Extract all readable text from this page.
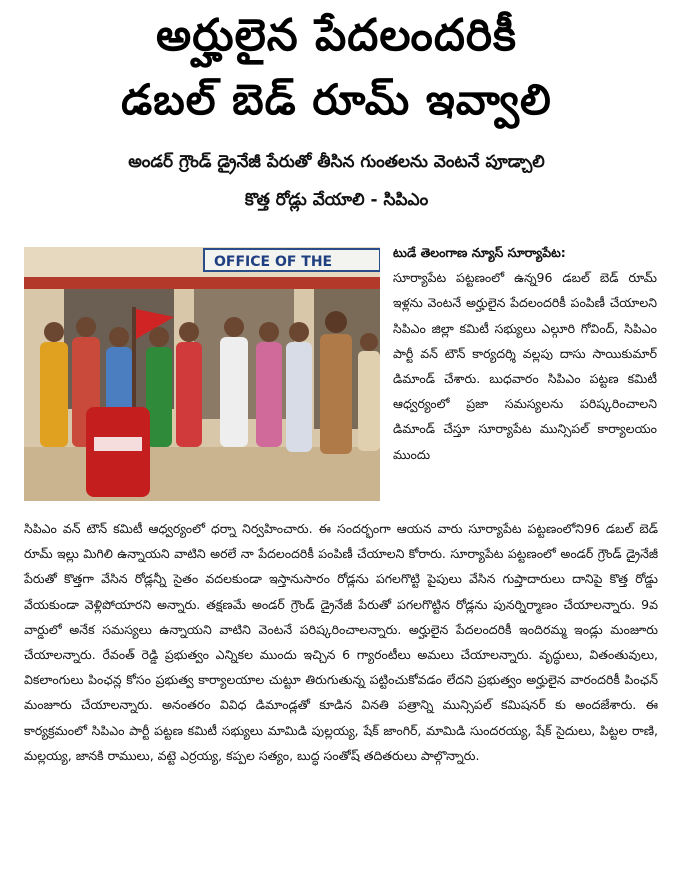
అర్హులైన పేదలందరికీ
డబల్ బెడ్ రూమ్ ఇవ్వాలి
అండర్ గ్రౌండ్ డ్రైనేజీ పేరుతో తీసిన గుంతలను వెంటనే పూడ్చాలి
కొత్త రోడ్లు వేయాలి - సిపిఎం
OFFICE OF THE

టుడే తెలంగాణ న్యూస్ సూర్యాపేట:

సూర్యాపేట పట్టణంలో ఉన్న96 డబల్ బెడ్ రూమ్ ఇళ్లను వెంటనే అర్హులైన పేదలందరికీ పంపిణీ చేయాలని సిపిఎం జిల్లా కమిటీ సభ్యులు ఎల్గూరి గోవింద్, సిపిఎం పార్టీ వన్ టౌన్ కార్యదర్శి వల్లపు దాసు సాయికుమార్ డిమాండ్ చేశారు. బుధవారం సిపిఎం పట్టణ కమిటీ ఆధ్వర్యంలో ప్రజా సమస్యలను పరిష్కరించాలని డిమాండ్ చేస్తూ సూర్యాపేట మున్సిపల్ కార్యాలయం ముందు

సిపిఎం వన్ టౌన్ కమిటీ ఆధ్వర్యంలో ధర్నా నిర్వహించారు. ఈ సందర్భంగా ఆయన వారు సూర్యాపేట పట్టణంలోని96 డబల్ బెడ్ రూమ్ ఇల్లు మిగిలి ఉన్నాయని వాటిని అరలే నా పేదలందరికీ పంపిణీ చేయాలని కోరారు. సూర్యాపేట పట్టణంలో అండర్ గ్రౌండ్ డ్రైనేజీ పేరుతో కొత్తగా వేసిన రోడ్లన్నీ సైతం వదలకుండా ఇస్తానుసారం రోడ్లను పగలగొట్టి పైపులు వేసిన గుప్తాదారులు దానిపై కొత్త రోడ్డు వేయకుండా వెళ్లిపోయారని అన్నారు. తక్షణమే అండర్ గ్రౌండ్ డ్రైనేజీ పేరుతో పగలగొట్టిన రోడ్లను పునర్నిర్మాణం చేయాలన్నారు. 9వ వార్డులో అనేక సమస్యలు ఉన్నాయని వాటిని వెంటనే పరిష్కరించాలన్నారు. అర్హులైన పేదలందరికీ ఇందిరమ్మ ఇండ్లు మంజూరు చేయాలన్నారు. రేవంత్ రెడ్డి ప్రభుత్వం ఎన్నికల ముందు ఇచ్చిన 6 గ్యారంటీలు అమలు చేయాలన్నారు. వృద్ధులు, వితంతువులు, వికలాంగులు పింఛన్ల కోసం ప్రభుత్వ కార్యాలయాల చుట్టూ తిరుగుతున్న పట్టించుకోవడం లేదని ప్రభుత్వం అర్హులైన వారందరికీ పింఛన్ మంజూరు చేయాలన్నారు. అనంతరం వివిధ డిమాండ్లతో కూడిన వినతి పత్రాన్ని మున్సిపల్ కమిషనర్ కు అందజేశారు. ఈ కార్యక్రమంలో సిపిఎం పార్టీ పట్టణ కమిటీ సభ్యులు మామిడి పుల్లయ్య, షేక్ జాంగిర్, మామిడి సుందరయ్య, షేక్ సైదులు, పిట్టల రాణి, మల్లయ్య, జానకి రాములు, వట్టె ఎర్రయ్య, కప్పల సత్యం, బుద్ధ సంతోష్ తదితరులు పాల్గొన్నారు.
